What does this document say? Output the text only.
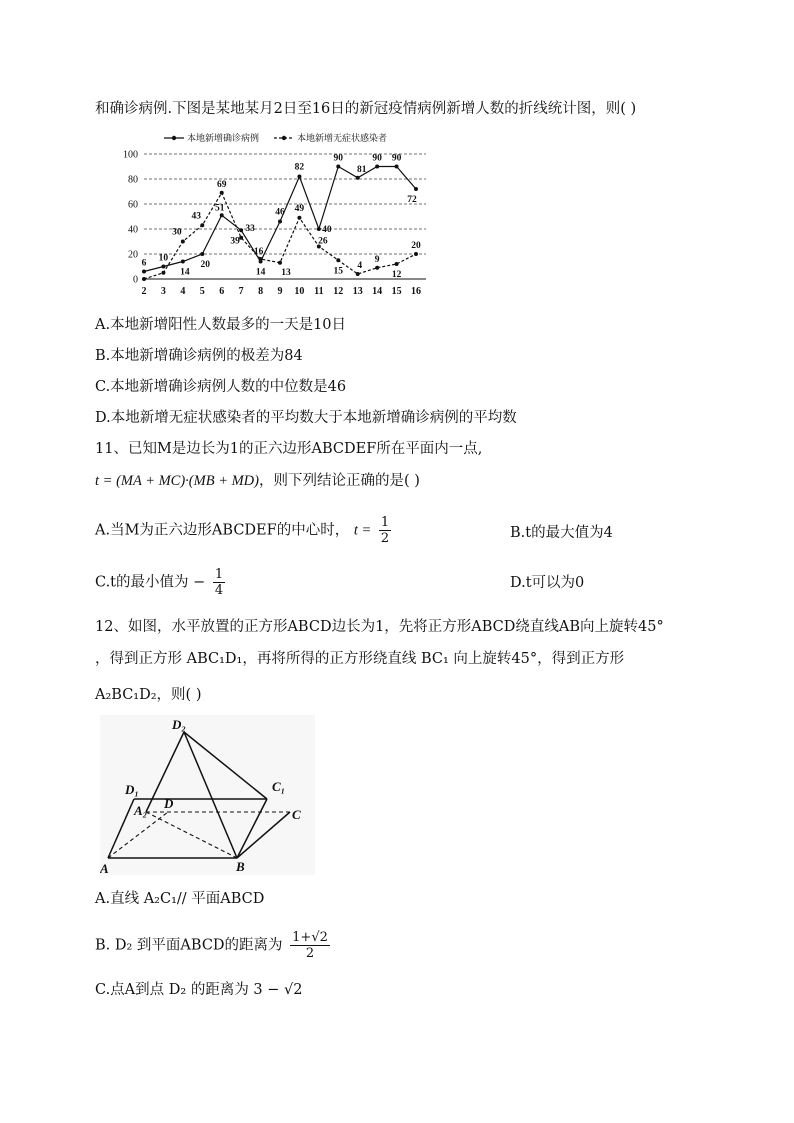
和确诊病例.下图是某地某月2日至16日的新冠疫情病例新增人数的折线统计图，则( )
本地新增确诊病例	本地新增无症状感染者
6 10
30
14
43
20
69
51
33
39
16
14
46
13
82
49
40
26
90
15
81
4
90
9
90
12
72
20
100
80
60
40
20
0
2 3 4 5 6 7 8 9 10 11 12 13 14 15 16
A.本地新增阳性人数最多的一天是10日
B.本地新增确诊病例的极差为84
C.本地新增确诊病例人数的中位数是46
D.本地新增无症状感染者的平均数大于本地新增确诊病例的平均数
11、已知M是边长为1的正六边形ABCDEF所在平面内一点,
t = (MA + MC)·(MB + MD)，则下列结论正确的是( )
A.当M为正六边形ABCDEF的中心时， $t = \frac{1}{2}$	B.t的最大值为4
C.t的最小值为 − $\frac{1}{4}$	D.t可以为0
12、如图，水平放置的正方形ABCD边长为1，先将正方形ABCD绕直线AB向上旋转45°
，得到正方形 ABC₁D₁，再将所得的正方形绕直线 BC₁ 向上旋转45°，得到正方形
A₂BC₁D₂，则( )
D₂
D₁	C₁
A₂ D
C
A	B
A.直线 A₂C₁// 平面ABCD
B. D₂ 到平面ABCD的距离为 $\frac{1+√2}{2}$
C.点A到点 D₂ 的距离为 3 − √2
